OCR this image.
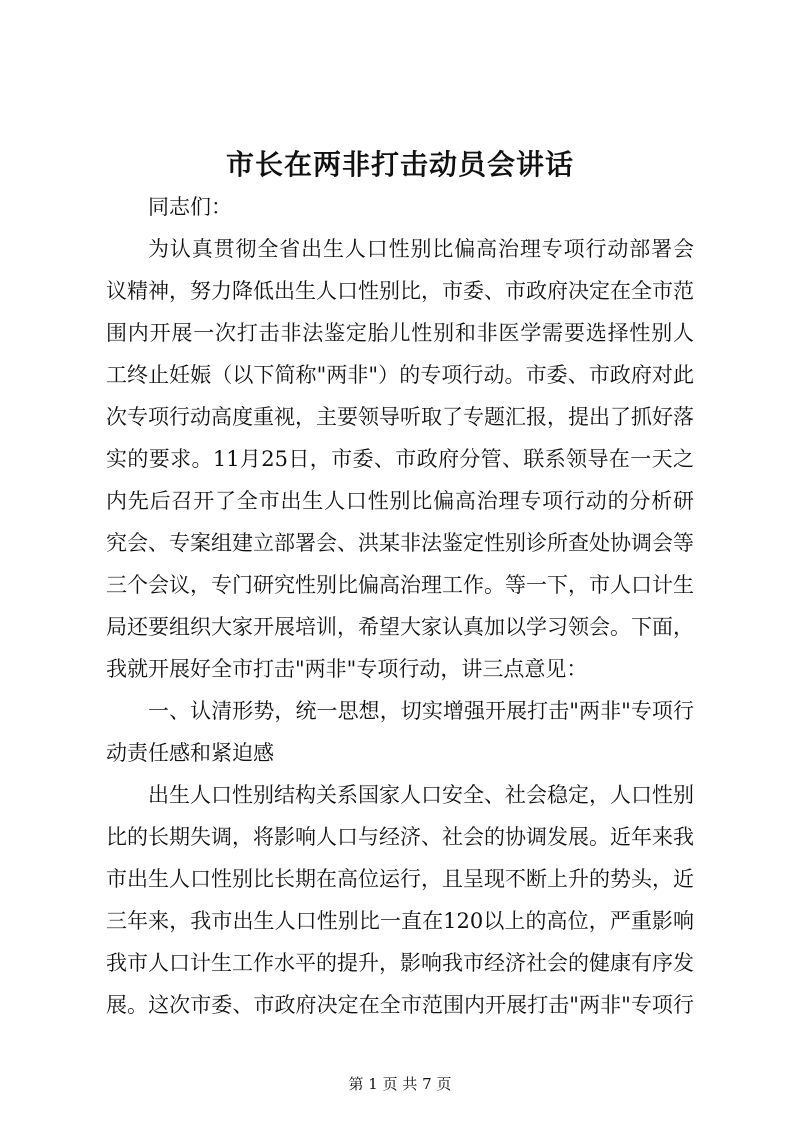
市长在两非打击动员会讲话

同志们：

为认真贯彻全省出生人口性别比偏高治理专项行动部署会

议精神，努力降低出生人口性别比，市委、市政府决定在全市范

围内开展一次打击非法鉴定胎儿性别和非医学需要选择性别人

工终止妊娠（以下简称"两非"）的专项行动。市委、市政府对此

次专项行动高度重视，主要领导听取了专题汇报，提出了抓好落

实的要求。11月25日，市委、市政府分管、联系领导在一天之

内先后召开了全市出生人口性别比偏高治理专项行动的分析研

究会、专案组建立部署会、洪某非法鉴定性别诊所查处协调会等

三个会议，专门研究性别比偏高治理工作。等一下，市人口计生

局还要组织大家开展培训，希望大家认真加以学习领会。下面，

我就开展好全市打击"两非"专项行动，讲三点意见：

一、认清形势，统一思想，切实增强开展打击"两非"专项行

动责任感和紧迫感

出生人口性别结构关系国家人口安全、社会稳定，人口性别

比的长期失调，将影响人口与经济、社会的协调发展。近年来我

市出生人口性别比长期在高位运行，且呈现不断上升的势头，近

三年来，我市出生人口性别比一直在120以上的高位，严重影响

我市人口计生工作水平的提升，影响我市经济社会的健康有序发

展。这次市委、市政府决定在全市范围内开展打击"两非"专项行

第 1 页 共 7 页
